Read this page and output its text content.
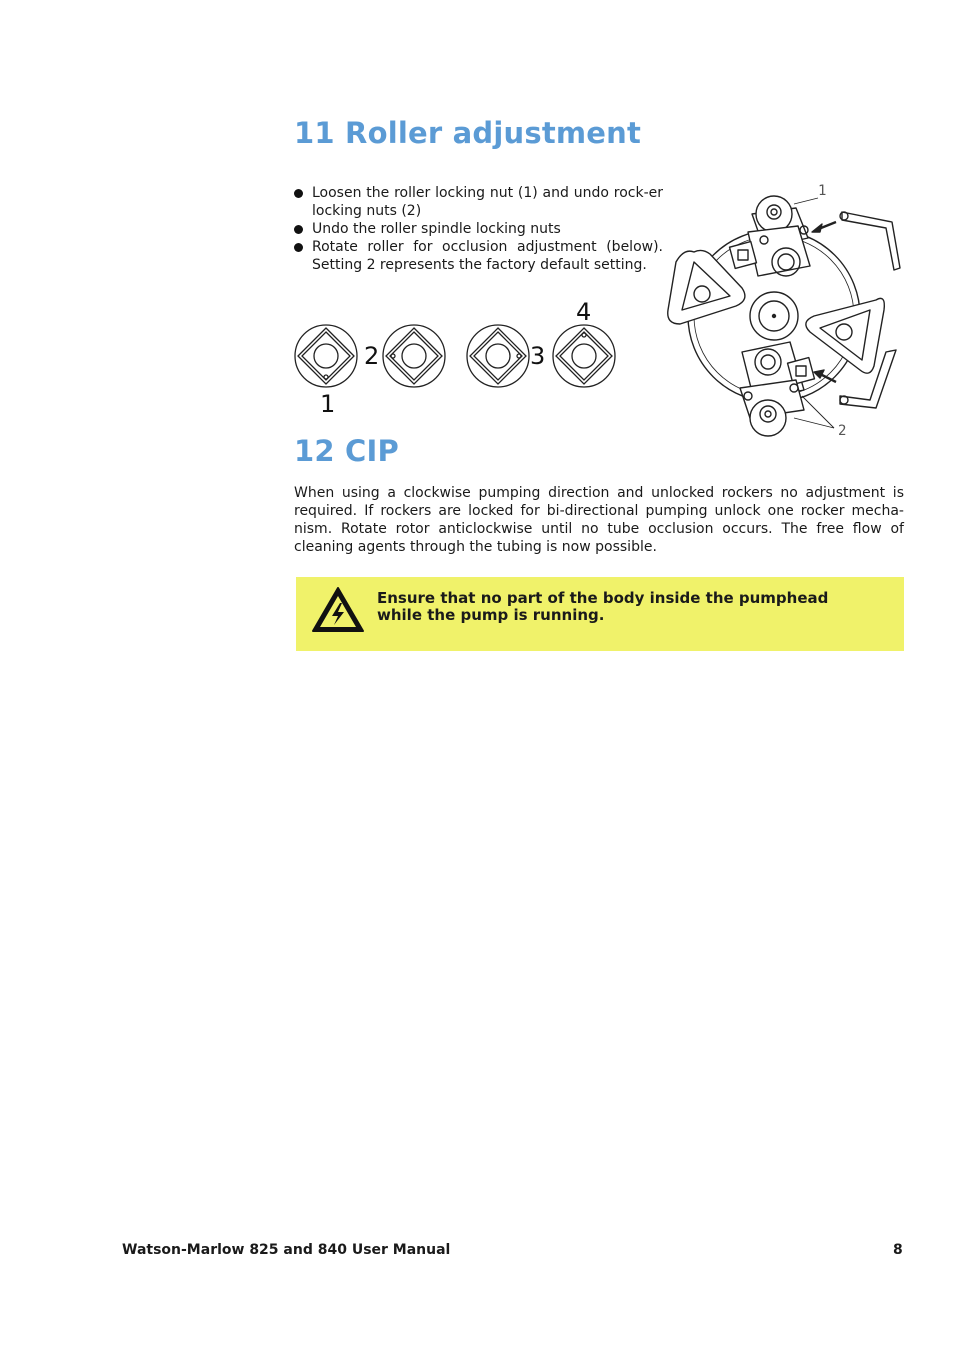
11 Roller adjustment
Loosen the roller locking nut (1) and undo rock-er locking nuts (2)
Undo the roller spindle locking nuts
Rotate roller for occlusion adjustment (below). Setting 2 represents the factory default setting.
1
2	3
4
1
2
12 CIP

When using a clockwise pumping direction and unlocked rockers no adjustment is required. If rockers are locked for bi-directional pumping unlock one rocker mecha-nism. Rotate rotor anticlockwise until no tube occlusion occurs. The free flow of cleaning agents through the tubing is now possible.

Ensure that no part of the body inside the pumphead while the pump is running.
Watson-Marlow 825 and 840 User Manual	8
